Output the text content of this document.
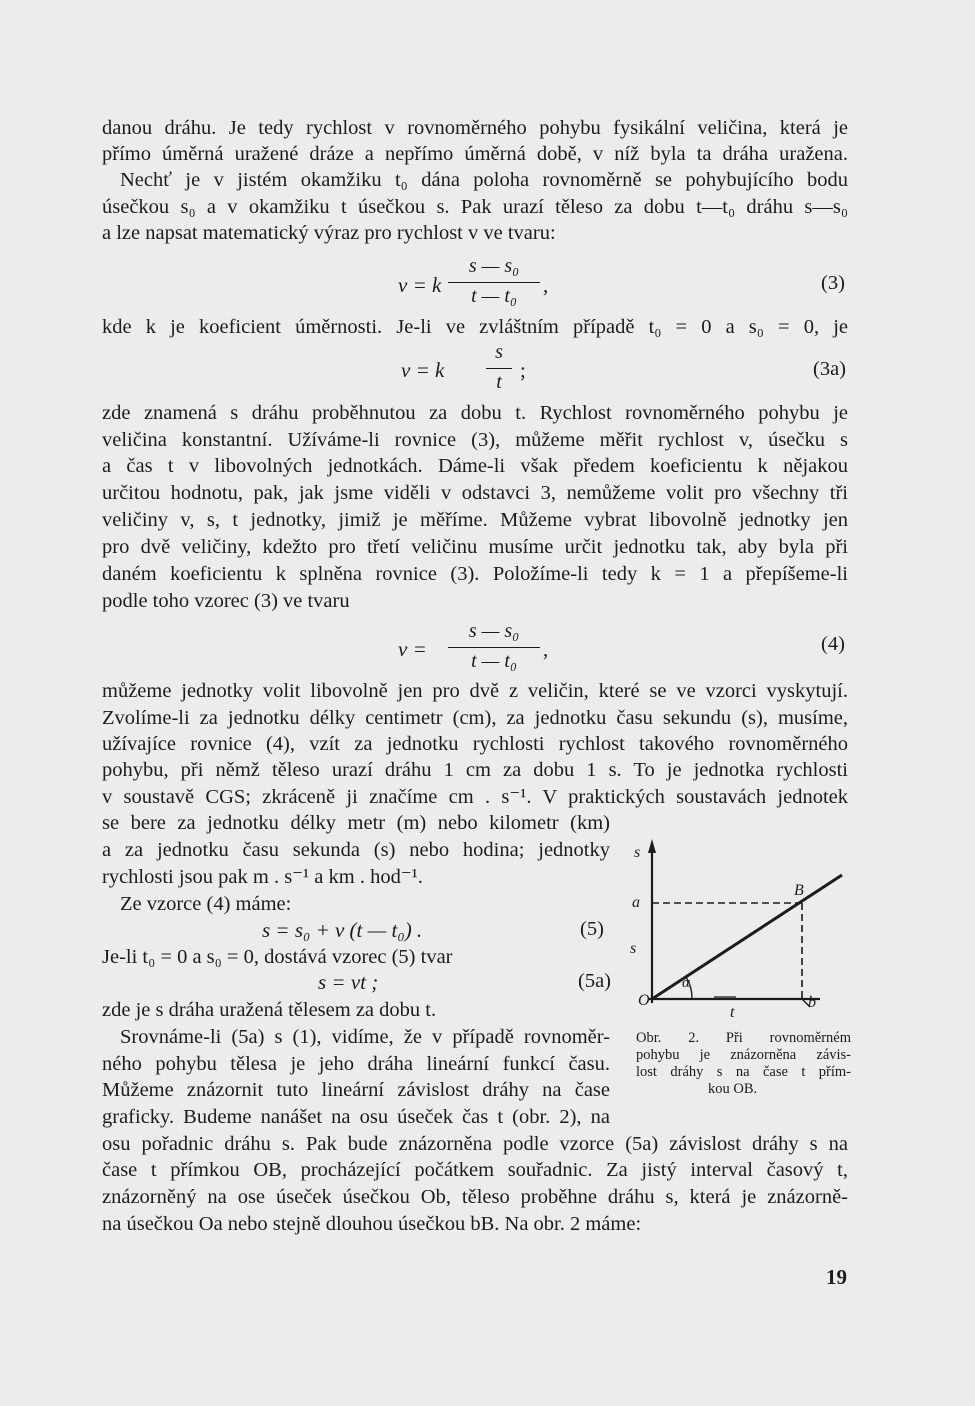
danou dráhu. Je tedy rychlost v rovnoměrného pohybu fysikální veličina, která je
přímo úměrná uražené dráze a nepřímo úměrná době, v níž byla ta dráha uražena.
Nechť je v jistém okamžiku t₀ dána poloha rovnoměrně se pohybujícího bodu
úsečkou s₀ a v okamžiku t úsečkou s. Pak urazí těleso za dobu t—t₀ dráhu s—s₀
a lze napsat matematický výraz pro rychlost v ve tvaru:
v = k
s — s₀
t — t₀	,	(3)
kde k je koeficient úměrnosti. Je-li ve zvláštním případě t₀ = 0 a s₀ = 0, je
v = k
s
t ;	(3a)
zde znamená s dráhu proběhnutou za dobu t. Rychlost rovnoměrného pohybu je
veličina konstantní. Užíváme-li rovnice (3), můžeme měřit rychlost v, úsečku s
a čas t v libovolných jednotkách. Dáme-li však předem koeficientu k nějakou
určitou hodnotu, pak, jak jsme viděli v odstavci 3, nemůžeme volit pro všechny tři
veličiny v, s, t jednotky, jimiž je měříme. Můžeme vybrat libovolně jednotky jen
pro dvě veličiny, kdežto pro třetí veličinu musíme určit jednotku tak, aby byla při
daném koeficientu k splněna rovnice (3). Položíme-li tedy k = 1 a přepíšeme-li
podle toho vzorec (3) ve tvaru
v =
s — s₀
t — t₀	,	(4)
můžeme jednotky volit libovolně jen pro dvě z veličin, které se ve vzorci vyskytují.
Zvolíme-li za jednotku délky centimetr (cm), za jednotku času sekundu (s), musíme,
užívajíce rovnice (4), vzít za jednotku rychlosti rychlost takového rovnoměrného
pohybu, při němž těleso urazí dráhu 1 cm za dobu 1 s. To je jednotka rychlosti
v soustavě CGS; zkráceně ji značíme cm . s⁻¹. V praktických soustavách jednotek
se bere za jednotku délky metr (m) nebo kilometr (km)
a za jednotku času sekunda (s) nebo hodina; jednotky
rychlosti jsou pak m . s⁻¹ a km . hod⁻¹.
Ze vzorce (4) máme:
s = s₀ + v (t — t₀) .	(5)
Je-li t₀ = 0 a s₀ = 0, dostává vzorec (5) tvar
s = vt ;	(5a)
zde je s dráha uražená tělesem za dobu t.
Srovnáme-li (5a) s (1), vidíme, že v případě rovnoměr-
ného pohybu tělesa je jeho dráha lineární funkcí času.
Můžeme znázornit tuto lineární závislost dráhy na čase
graficky. Budeme nanášet na osu úseček čas t (obr. 2), na
osu pořadnic dráhu s. Pak bude znázorněna podle vzorce (5a) závislost dráhy s na
čase t přímkou OB, procházející počátkem souřadnic. Za jistý interval časový t,
znázorněný na ose úseček úsečkou Ob, těleso proběhne dráhu s, která je znázorně-
na úsečkou Oa nebo stejně dlouhou úsečkou bB. Na obr. 2 máme:
s
a
s
B
α
O
t
b
Obr. 2. Při rovnoměrném
pohybu je znázorněna závis-
lost dráhy s na čase t přím-
kou OB.
19
